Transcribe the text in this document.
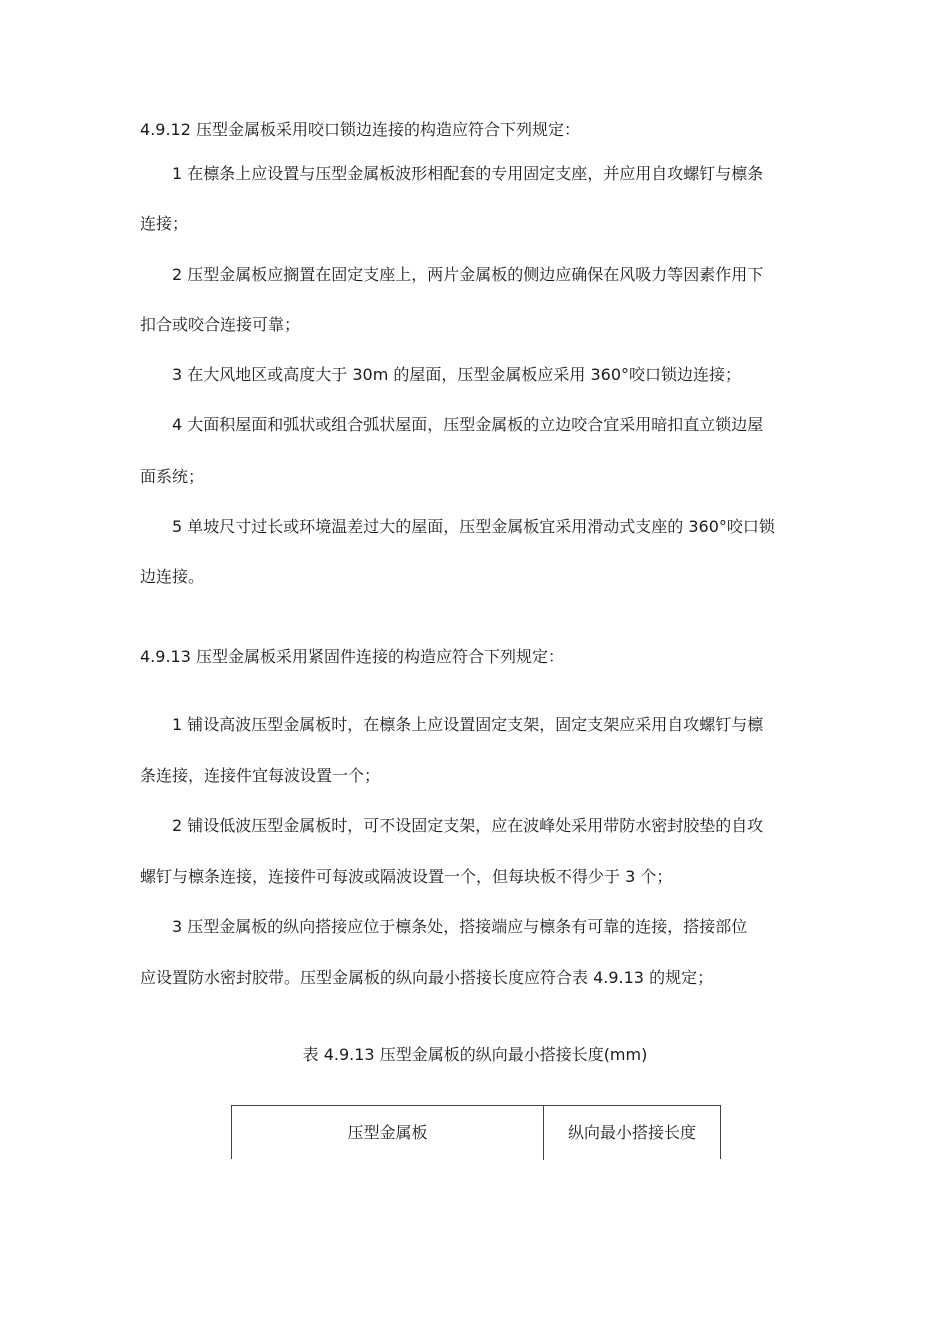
4.9.12 压型金属板采用咬口锁边连接的构造应符合下列规定：

1 在檩条上应设置与压型金属板波形相配套的专用固定支座，并应用自攻螺钉与檩条

连接；

2 压型金属板应搁置在固定支座上，两片金属板的侧边应确保在风吸力等因素作用下

扣合或咬合连接可靠；

3 在大风地区或高度大于 30m 的屋面，压型金属板应采用 360°咬口锁边连接；

4 大面积屋面和弧状或组合弧状屋面，压型金属板的立边咬合宜采用暗扣直立锁边屋

面系统；

5 单坡尺寸过长或环境温差过大的屋面，压型金属板宜采用滑动式支座的 360°咬口锁

边连接。

4.9.13 压型金属板采用紧固件连接的构造应符合下列规定：

1 铺设高波压型金属板时，在檩条上应设置固定支架，固定支架应采用自攻螺钉与檩

条连接，连接件宜每波设置一个；

2 铺设低波压型金属板时，可不设固定支架，应在波峰处采用带防水密封胶垫的自攻

螺钉与檩条连接，连接件可每波或隔波设置一个，但每块板不得少于 3 个；

3 压型金属板的纵向搭接应位于檩条处，搭接端应与檩条有可靠的连接，搭接部位

应设置防水密封胶带。压型金属板的纵向最小搭接长度应符合表 4.9.13 的规定；

表 4.9.13 压型金属板的纵向最小搭接长度(mm)

压型金属板	纵向最小搭接长度
